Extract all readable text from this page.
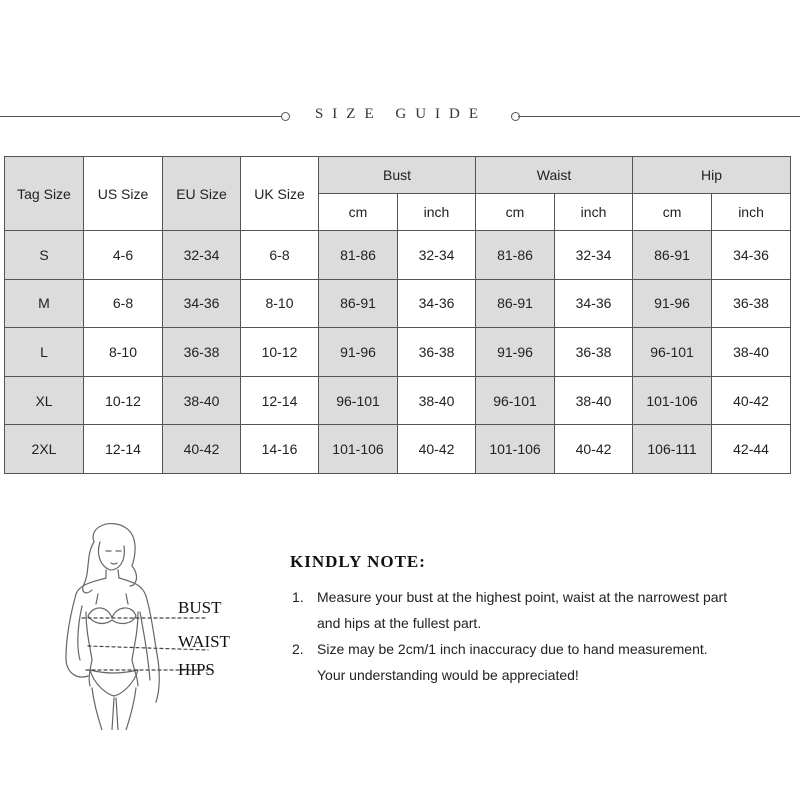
SIZE GUIDE
Tag Size	US Size	EU Size	UK Size	Bust		Waist		Hip	
				cm	inch	cm	inch	cm	inch
S	4-6	32-34	6-8	81-86	32-34	81-86	32-34	86-91	34-36
M	6-8	34-36	8-10	86-91	34-36	86-91	34-36	91-96	36-38
L	8-10	36-38	10-12	91-96	36-38	91-96	36-38	96-101	38-40
XL	10-12	38-40	12-14	96-101	38-40	96-101	38-40	101-106	40-42
2XL	12-14	40-42	14-16	101-106	40-42	101-106	40-42	106-111	42-44
BUST
WAIST
HIPS
KINDLY NOTE:
1. Measure your bust at the highest point, waist at the narrowest part
and hips at the fullest part.
2. Size may be 2cm/1 inch inaccuracy due to hand measurement.
Your understanding would be appreciated!
